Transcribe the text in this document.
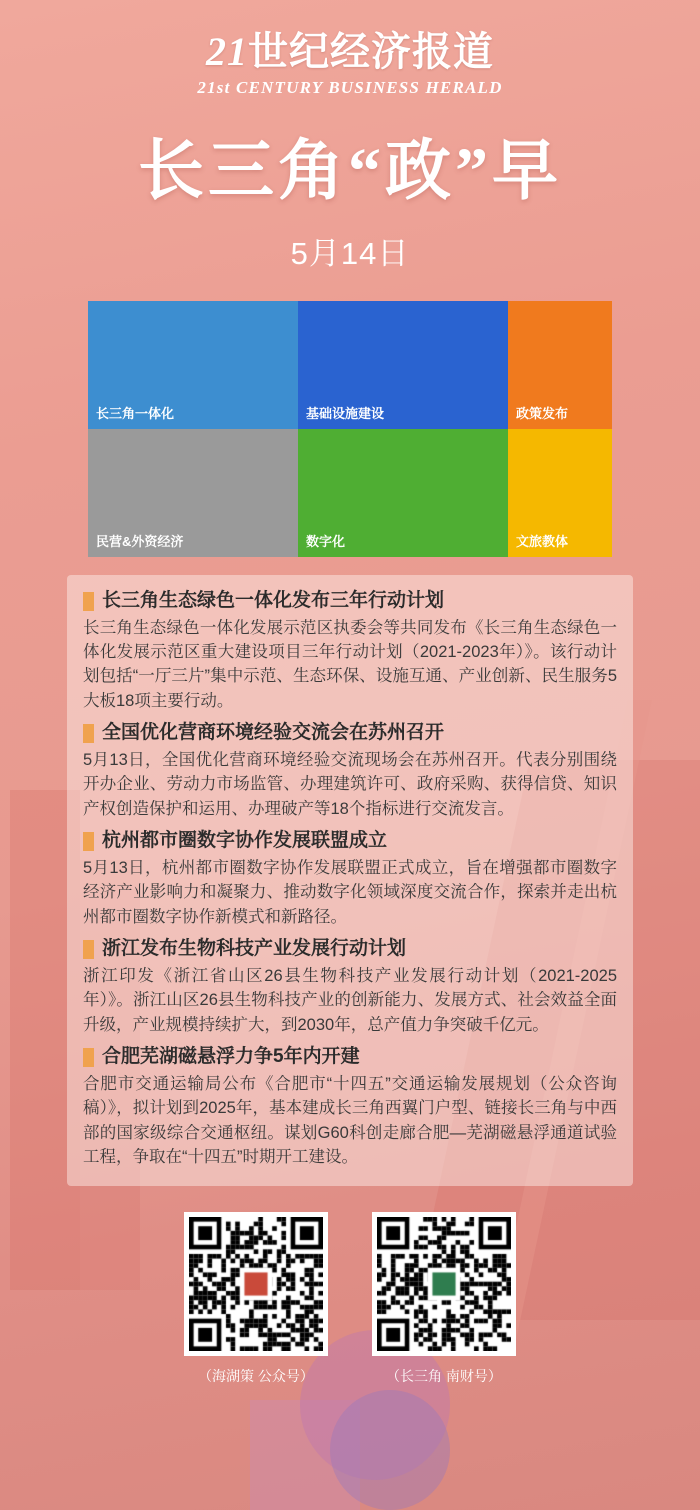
21世纪经济报道
21st CENTURY BUSINESS HERALD
长三角“政”早
5月14日
长三角一体化	基础设施建设	政策发布
民营&外资经济	数字化	文旅教体
长三角生态绿色一体化发布三年行动计划

长三角生态绿色一体化发展示范区执委会等共同发布《长三角生态绿色一体化发展示范区重大建设项目三年行动计划（2021-2023年）》。该行动计划包括“一厅三片”集中示范、生态环保、设施互通、产业创新、民生服务5大板18项主要行动。

全国优化营商环境经验交流会在苏州召开

5月13日，全国优化营商环境经验交流现场会在苏州召开。代表分别围绕开办企业、劳动力市场监管、办理建筑许可、政府采购、获得信贷、知识产权创造保护和运用、办理破产等18个指标进行交流发言。

杭州都市圈数字协作发展联盟成立

5月13日，杭州都市圈数字协作发展联盟正式成立，旨在增强都市圈数字经济产业影响力和凝聚力、推动数字化领域深度交流合作，探索并走出杭州都市圈数字协作新模式和新路径。

浙江发布生物科技产业发展行动计划

浙江印发《浙江省山区26县生物科技产业发展行动计划（2021-2025年）》。浙江山区26县生物科技产业的创新能力、发展方式、社会效益全面升级，产业规模持续扩大，到2030年，总产值力争突破千亿元。

合肥芜湖磁悬浮力争5年内开建

合肥市交通运输局公布《合肥市“十四五”交通运输发展规划（公众咨询稿）》，拟计划到2025年，基本建成长三角西翼门户型、链接长三角与中西部的国家级综合交通枢纽。谋划G60科创走廊合肥—芜湖磁悬浮通道试验工程，争取在“十四五”时期开工建设。

（海湖策 公众号）	（长三角 南财号）
